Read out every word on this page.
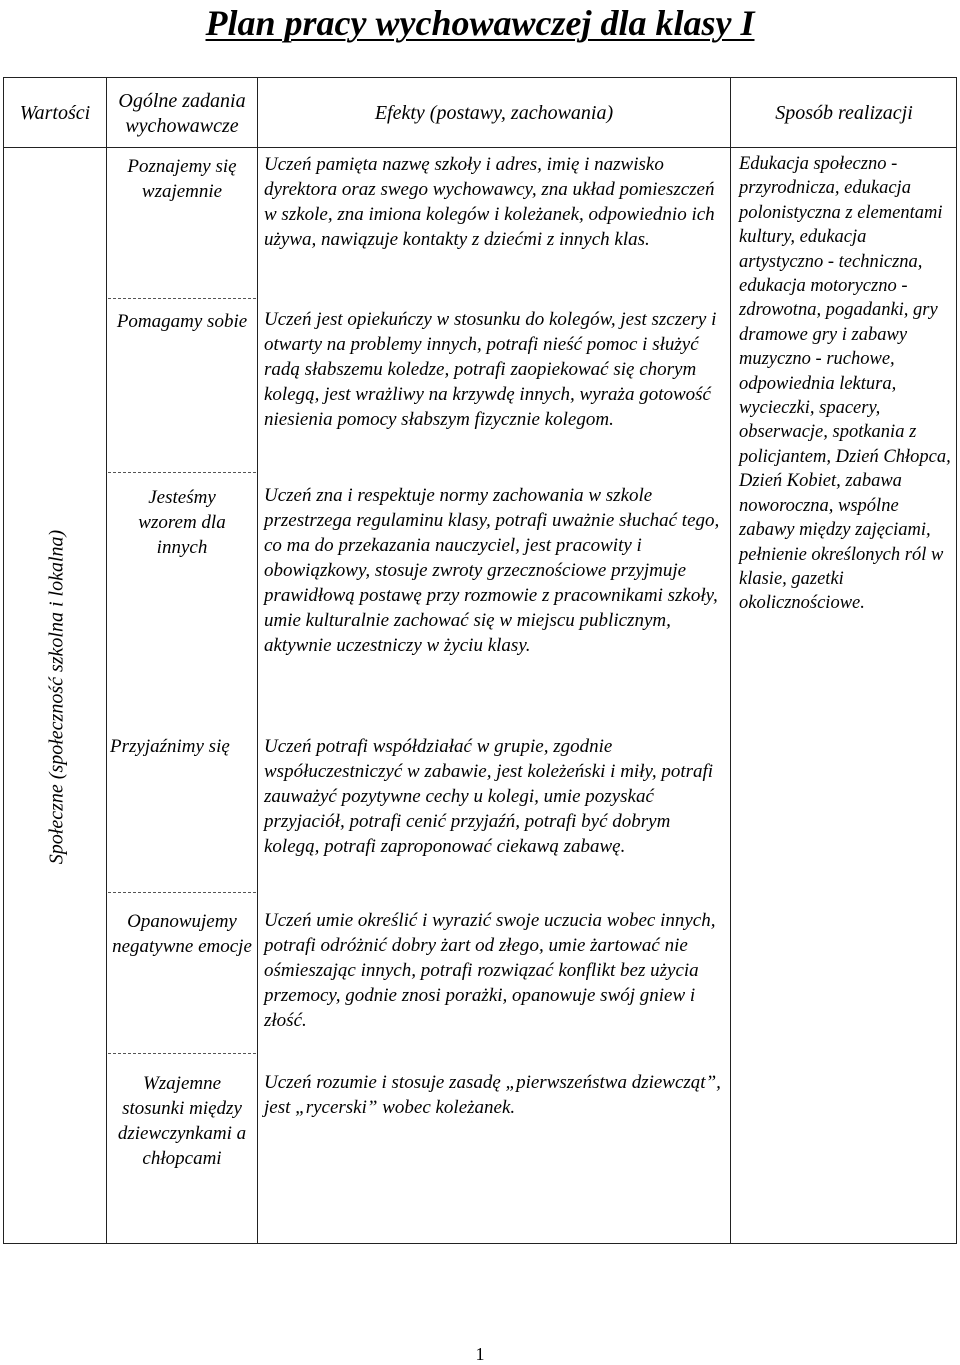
Plan pracy wychowawczej dla klasy I
Wartości
Ogólne zadania wychowawcze
Efekty (postawy, zachowania)	Sposób realizacji
Społeczne (społeczność szkolna i lokalna)
Poznajemy się wzajemnie
Pomagamy sobie
Jesteśmy wzorem dla innych
Przyjaźnimy się
Opanowujemy negatywne emocje
Wzajemne stosunki między dziewczynkami a chłopcami
Uczeń pamięta nazwę szkoły i adres, imię i nazwisko dyrektora oraz swego wychowawcy, zna układ pomieszczeń w szkole, zna imiona kolegów i koleżanek, odpowiednio ich używa, nawiązuje kontakty z dziećmi z innych klas.
Uczeń jest opiekuńczy w stosunku do kolegów, jest szczery i otwarty na problemy innych, potrafi nieść pomoc i służyć radą słabszemu koledze, potrafi zaopiekować się chorym kolegą, jest wrażliwy na krzywdę innych, wyraża gotowość niesienia pomocy słabszym fizycznie kolegom.
Uczeń zna i respektuje normy zachowania w szkole przestrzega regulaminu klasy, potrafi uważnie słuchać tego, co ma do przekazania nauczyciel, jest pracowity i obowiązkowy, stosuje zwroty grzecznościowe przyjmuje prawidłową postawę przy rozmowie z pracownikami szkoły, umie kulturalnie zachować się w miejscu publicznym, aktywnie uczestniczy w życiu klasy.
Uczeń potrafi współdziałać w grupie, zgodnie współuczestniczyć w zabawie, jest koleżeński i miły, potrafi zauważyć pozytywne cechy u kolegi, umie pozyskać przyjaciół, potrafi cenić przyjaźń, potrafi być dobrym kolegą, potrafi zaproponować ciekawą zabawę.
Uczeń umie określić i wyrazić swoje uczucia wobec innych, potrafi odróżnić dobry żart od złego, umie żartować nie ośmieszając innych, potrafi rozwiązać konflikt bez użycia przemocy, godnie znosi porażki, opanowuje swój gniew i złość.
Uczeń rozumie i stosuje zasadę „pierwszeństwa dziewcząt”, jest „rycerski” wobec koleżanek.
Edukacja społeczno - przyrodnicza, edukacja polonistyczna z elementami kultury, edukacja artystyczno - techniczna, edukacja motoryczno - zdrowotna, pogadanki, gry dramowe gry i zabawy muzyczno - ruchowe, odpowiednia lektura, wycieczki, spacery, obserwacje, spotkania z policjantem, Dzień Chłopca, Dzień Kobiet, zabawa noworoczna, wspólne zabawy między zajęciami, pełnienie określonych ról w klasie, gazetki okolicznościowe.
1
